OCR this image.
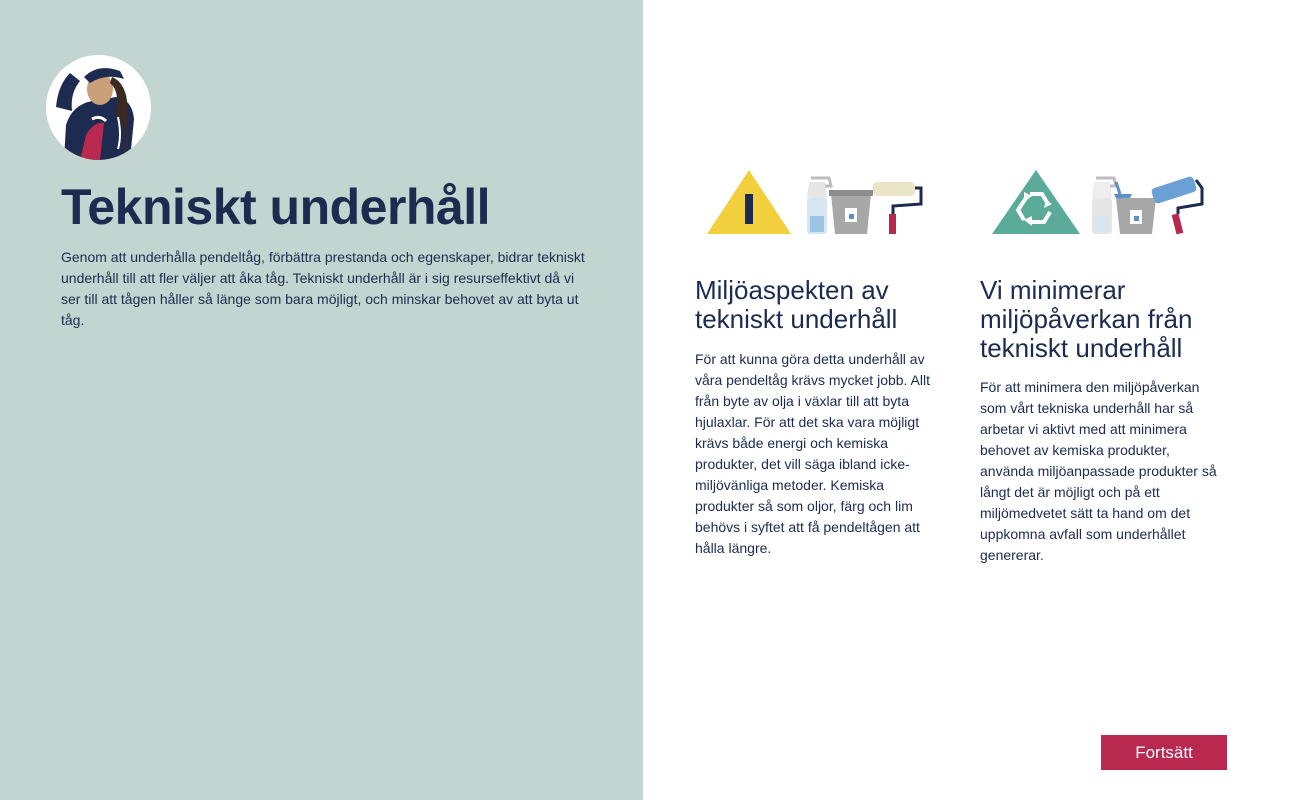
Tekniskt underhåll

Genom att underhålla pendeltåg, förbättra prestanda och egenskaper, bidrar tekniskt underhåll till att fler väljer att åka tåg. Tekniskt underhåll är i sig resurseffektivt då vi ser till att tågen håller så länge som bara möjligt, och minskar behovet av att byta ut tåg.

Miljöaspekten av tekniskt underhåll

För att kunna göra detta underhåll av våra pendeltåg krävs mycket jobb. Allt från byte av olja i växlar till att byta hjulaxlar. För att det ska vara möjligt krävs både energi och kemiska produkter, det vill säga ibland icke-miljövänliga metoder. Kemiska produkter så som oljor, färg och lim behövs i syftet att få pendeltågen att hålla längre.

Vi minimerar miljöpåverkan från tekniskt underhåll

För att minimera den miljöpåverkan som vårt tekniska underhåll har så arbetar vi aktivt med att minimera behovet av kemiska produkter, använda miljöanpassade produkter så långt det är möjligt och på ett miljömedvetet sätt ta hand om det uppkomna avfall som underhållet genererar.

Fortsätt
